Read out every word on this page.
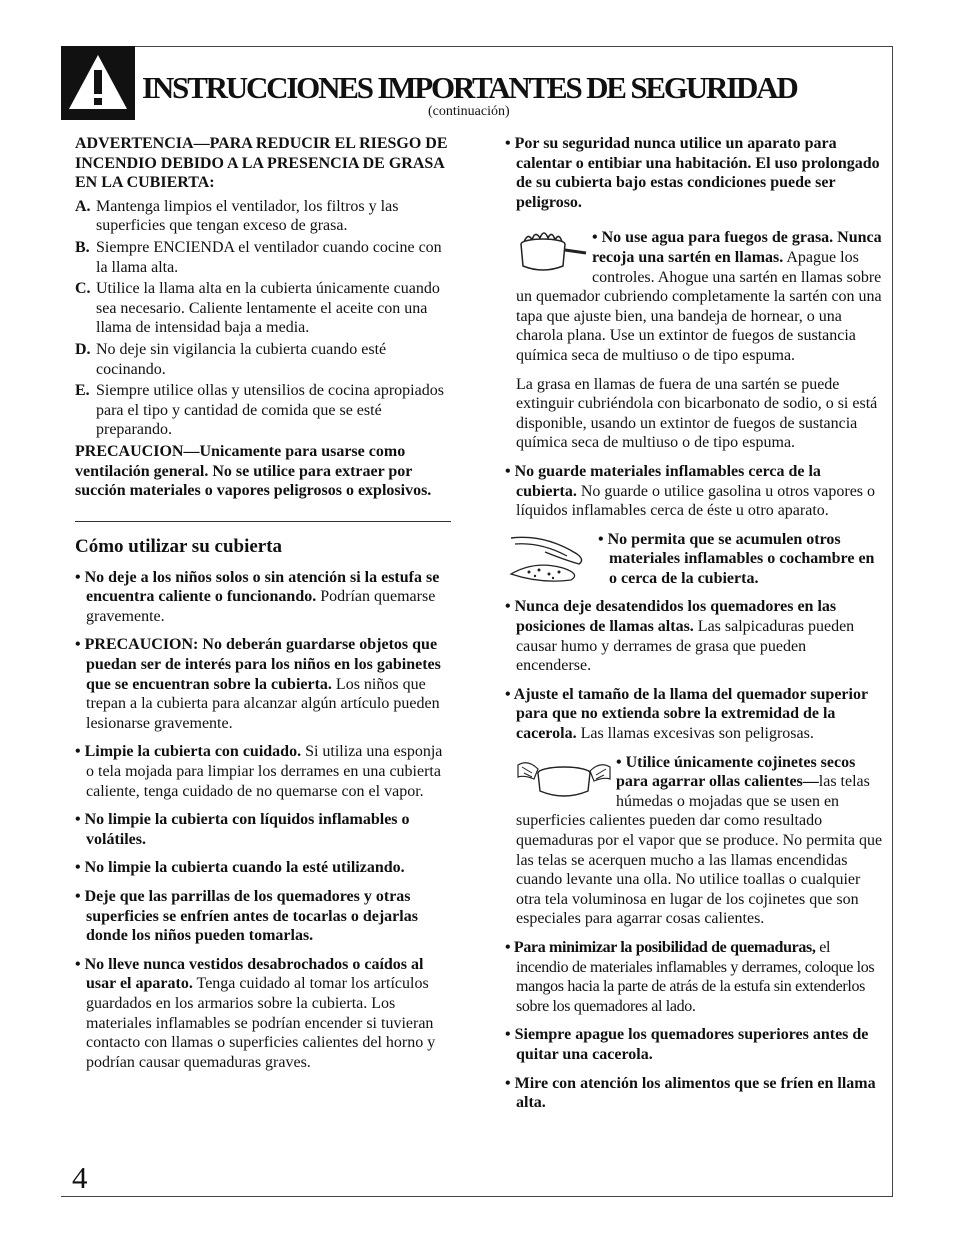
INSTRUCCIONES IMPORTANTES DE SEGURIDAD
(continuación)

ADVERTENCIA—PARA REDUCIR EL RIESGO DE INCENDIO DEBIDO A LA PRESENCIA DE GRASA EN LA CUBIERTA:

A. Mantenga limpios el ventilador, los filtros y las superficies que tengan exceso de grasa.

B. Siempre ENCIENDA el ventilador cuando cocine con la llama alta.

C. Utilice la llama alta en la cubierta únicamente cuando sea necesario. Caliente lentamente el aceite con una llama de intensidad baja a media.

D. No deje sin vigilancia la cubierta cuando esté cocinando.

E. Siempre utilice ollas y utensilios de cocina apropiados para el tipo y cantidad de comida que se esté preparando.

PRECAUCION—Unicamente para usarse como ventilación general. No se utilice para extraer por succión materiales o vapores peligrosos o explosivos.

Cómo utilizar su cubierta

• No deje a los niños solos o sin atención si la estufa se encuentra caliente o funcionando. Podrían quemarse gravemente.

• PRECAUCION: No deberán guardarse objetos que puedan ser de interés para los niños en los gabinetes que se encuentran sobre la cubierta. Los niños que trepan a la cubierta para alcanzar algún artículo pueden lesionarse gravemente.

• Limpie la cubierta con cuidado. Si utiliza una esponja o tela mojada para limpiar los derrames en una cubierta caliente, tenga cuidado de no quemarse con el vapor.

• No limpie la cubierta con líquidos inflamables o volátiles.

• No limpie la cubierta cuando la esté utilizando.

• Deje que las parrillas de los quemadores y otras superficies se enfríen antes de tocarlas o dejarlas donde los niños pueden tomarlas.

• No lleve nunca vestidos desabrochados o caídos al usar el aparato. Tenga cuidado al tomar los artículos guardados en los armarios sobre la cubierta. Los materiales inflamables se podrían encender si tuvieran contacto con llamas o superficies calientes del horno y podrían causar quemaduras graves.

• Por su seguridad nunca utilice un aparato para calentar o entibiar una habitación. El uso prolongado de su cubierta bajo estas condiciones puede ser peligroso.

• No use agua para fuegos de grasa. Nunca recoja una sartén en llamas. Apague los controles. Ahogue una sartén en llamas sobre un quemador cubriendo completamente la sartén con una tapa que ajuste bien, una bandeja de hornear, o una charola plana. Use un extintor de fuegos de sustancia química seca de multiuso o de tipo espuma.

La grasa en llamas de fuera de una sartén se puede extinguir cubriéndola con bicarbonato de sodio, o si está disponible, usando un extintor de fuegos de sustancia química seca de multiuso o de tipo espuma.

• No guarde materiales inflamables cerca de la cubierta. No guarde o utilice gasolina u otros vapores o líquidos inflamables cerca de éste u otro aparato.

• No permita que se acumulen otros materiales inflamables o cochambre en o cerca de la cubierta.

• Nunca deje desatendidos los quemadores en las posiciones de llamas altas. Las salpicaduras pueden causar humo y derrames de grasa que pueden encenderse.

• Ajuste el tamaño de la llama del quemador superior para que no extienda sobre la extremidad de la cacerola. Las llamas excesivas son peligrosas.

• Utilice únicamente cojinetes secos para agarrar ollas calientes—las telas húmedas o mojadas que se usen en superficies calientes pueden dar como resultado quemaduras por el vapor que se produce. No permita que las telas se acerquen mucho a las llamas encendidas cuando levante una olla. No utilice toallas o cualquier otra tela voluminosa en lugar de los cojinetes que son especiales para agarrar cosas calientes.

• Para minimizar la posibilidad de quemaduras, el incendio de materiales inflamables y derrames, coloque los mangos hacia la parte de atrás de la estufa sin extenderlos sobre los quemadores al lado.

• Siempre apague los quemadores superiores antes de quitar una cacerola.

• Mire con atención los alimentos que se fríen en llama alta.

4
